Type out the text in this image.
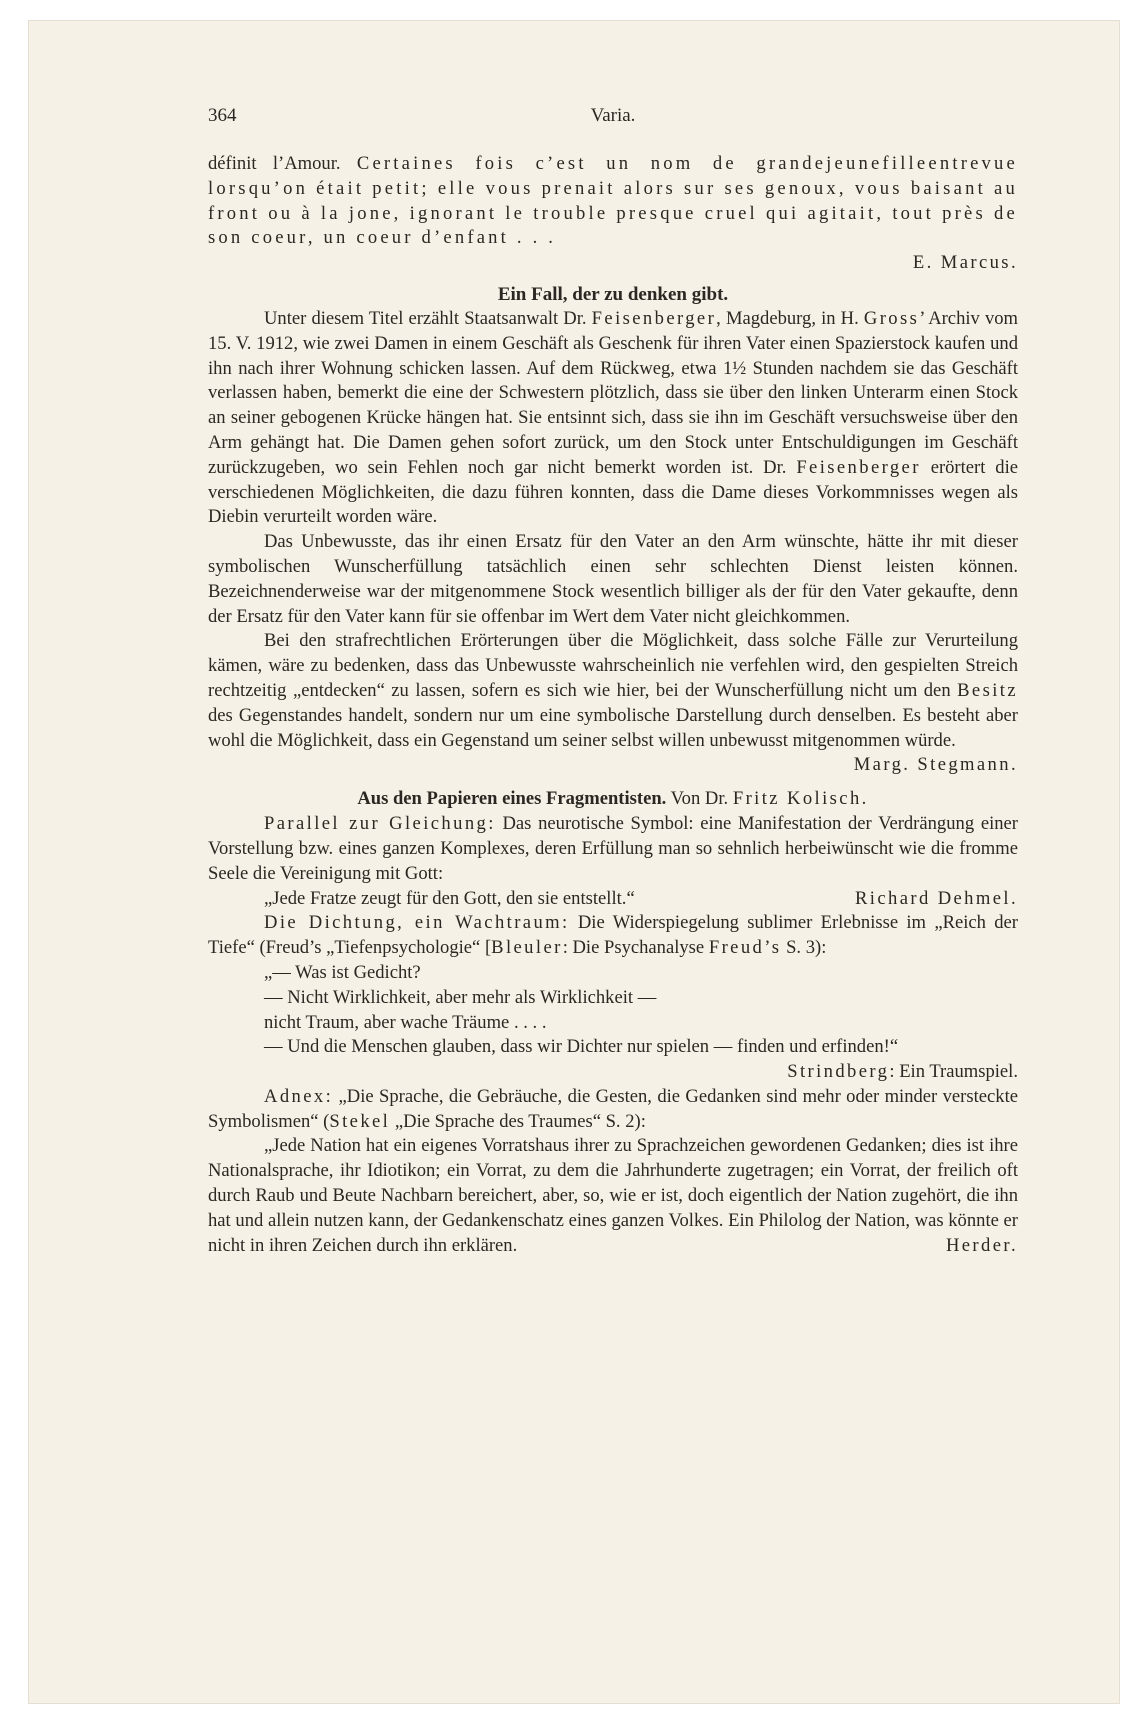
364	Varia.

définit l’Amour. Certaines fois c’est un nom de grandejeunefilleentrevue lorsqu’on était petit; elle vous prenait alors sur ses genoux, vous baisant au front ou à la jone, ignorant le trouble presque cruel qui agitait, tout près de son coeur, un coeur d’enfant . . .

E. Marcus.

Ein Fall, der zu denken gibt.

Unter diesem Titel erzählt Staatsanwalt Dr. Feisenberger, Magdeburg, in H. Gross’ Archiv vom 15. V. 1912, wie zwei Damen in einem Geschäft als Geschenk für ihren Vater einen Spazierstock kaufen und ihn nach ihrer Wohnung schicken lassen. Auf dem Rückweg, etwa 1½ Stunden nachdem sie das Geschäft verlassen haben, bemerkt die eine der Schwestern plötzlich, dass sie über den linken Unterarm einen Stock an seiner gebogenen Krücke hängen hat. Sie entsinnt sich, dass sie ihn im Geschäft versuchsweise über den Arm gehängt hat. Die Damen gehen sofort zurück, um den Stock unter Entschuldigungen im Geschäft zurückzugeben, wo sein Fehlen noch gar nicht bemerkt worden ist. Dr. Feisenberger erörtert die verschiedenen Möglichkeiten, die dazu führen konnten, dass die Dame dieses Vorkommnisses wegen als Diebin verurteilt worden wäre.

Das Unbewusste, das ihr einen Ersatz für den Vater an den Arm wünschte, hätte ihr mit dieser symbolischen Wunscherfüllung tatsächlich einen sehr schlechten Dienst leisten können. Bezeichnenderweise war der mitgenommene Stock wesentlich billiger als der für den Vater gekaufte, denn der Ersatz für den Vater kann für sie offenbar im Wert dem Vater nicht gleichkommen.

Bei den strafrechtlichen Erörterungen über die Möglichkeit, dass solche Fälle zur Verurteilung kämen, wäre zu bedenken, dass das Unbewusste wahrscheinlich nie verfehlen wird, den gespielten Streich rechtzeitig „entdecken“ zu lassen, sofern es sich wie hier, bei der Wunscherfüllung nicht um den Besitz des Gegenstandes handelt, sondern nur um eine symbolische Darstellung durch denselben. Es besteht aber wohl die Möglichkeit, dass ein Gegenstand um seiner selbst willen unbewusst mitgenommen würde.
Marg. Stegmann.

Aus den Papieren eines Fragmentisten. Von Dr. Fritz Kolisch.

Parallel zur Gleichung: Das neurotische Symbol: eine Manifestation der Verdrängung einer Vorstellung bzw. eines ganzen Komplexes, deren Erfüllung man so sehnlich herbeiwünscht wie die fromme Seele die Vereinigung mit Gott:

„Jede Fratze zeugt für den Gott, den sie entstellt.“	Richard Dehmel.

Die Dichtung, ein Wachtraum: Die Widerspiegelung sublimer Erlebnisse im „Reich der Tiefe“ (Freud’s „Tiefenpsychologie“ [Bleuler: Die Psychanalyse Freud’s S. 3):

„— Was ist Gedicht?

— Nicht Wirklichkeit, aber mehr als Wirklichkeit —

nicht Traum, aber wache Träume . . . .

— Und die Menschen glauben, dass wir Dichter nur spielen — finden und erfinden!“
Strindberg: Ein Traumspiel.

Adnex: „Die Sprache, die Gebräuche, die Gesten, die Gedanken sind mehr oder minder versteckte Symbolismen“ (Stekel „Die Sprache des Traumes“ S. 2):

„Jede Nation hat ein eigenes Vorratshaus ihrer zu Sprachzeichen gewordenen Gedanken; dies ist ihre Nationalsprache, ihr Idiotikon; ein Vorrat, zu dem die Jahrhunderte zugetragen; ein Vorrat, der freilich oft durch Raub und Beute Nachbarn bereichert, aber, so, wie er ist, doch eigentlich der Nation zugehört, die ihn hat und allein nutzen kann, der Gedankenschatz eines ganzen Volkes. Ein Philolog der Nation, was könnte er nicht in ihren Zeichen durch ihn erklären.	Herder.
